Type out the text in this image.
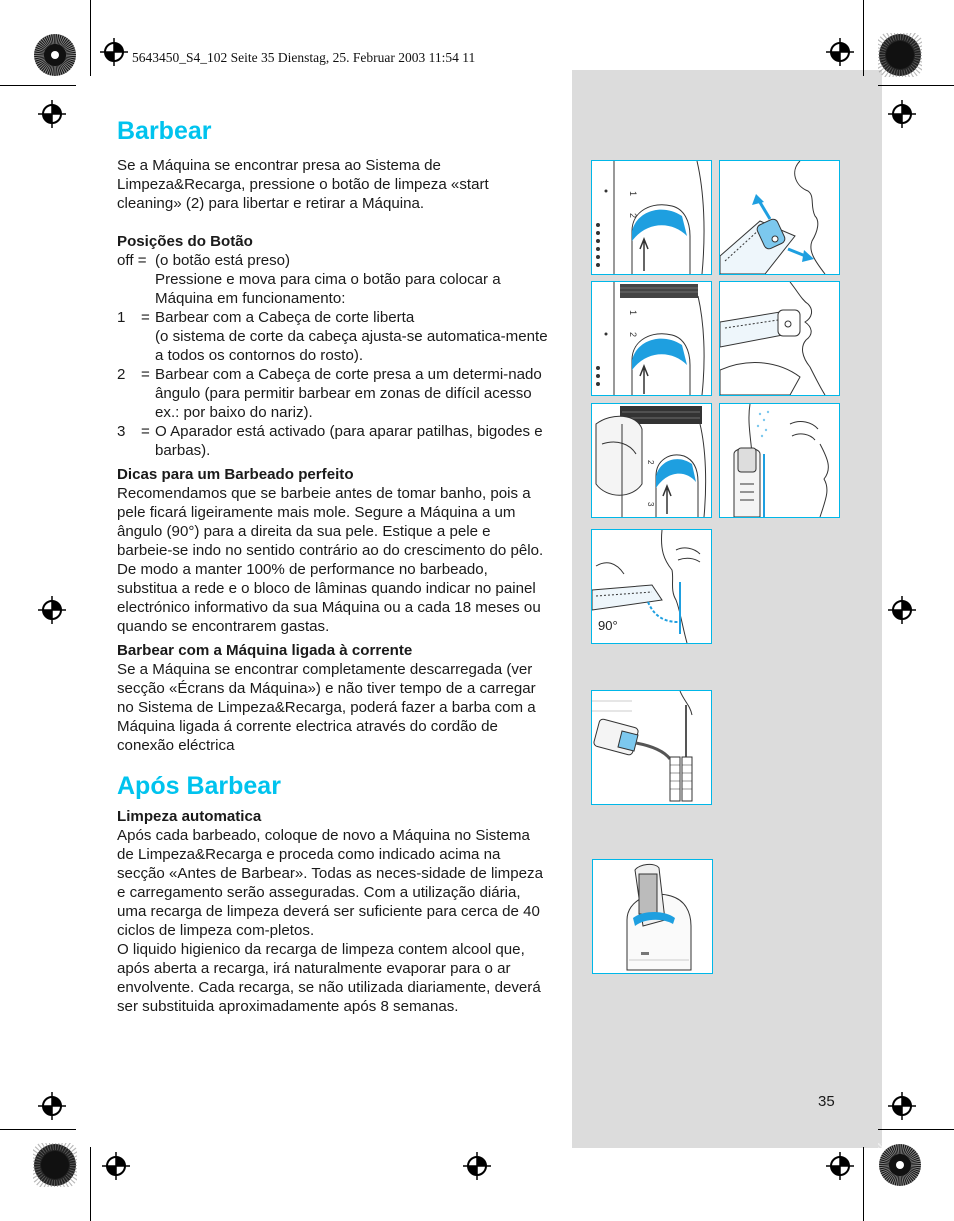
5643450_S4_102 Seite 35 Dienstag, 25. Februar 2003 11:54 11
Barbear

Se a Máquina se encontrar presa ao Sistema de Limpeza&Recarga, pressione o botão de limpeza «start cleaning» (2) para libertar e retirar a Máquina.

Posições do Botão

off = (o botão está preso)
Pressione e mova para cima o botão para colocar a Máquina em funcionamento:
1	= Barbear com a Cabeça de corte liberta
(o sistema de corte da cabeça ajusta-se automatica-mente a todos os contornos do rosto).
2	= Barbear com a Cabeça de corte presa a um determi-nado ângulo (para permitir barbear em zonas de difícil acesso ex.: por baixo do nariz).
3	= O Aparador está activado (para aparar patilhas, bigodes e barbas).

Dicas para um Barbeado perfeito

Recomendamos que se barbeie antes de tomar banho, pois a pele ficará ligeiramente mais mole. Segure a Máquina a um ângulo (90°) para a direita da sua pele. Estique a pele e barbeie-se indo no sentido contrário ao do crescimento do pêlo. De modo a manter 100% de performance no barbeado, substitua a rede e o bloco de lâminas quando indicar no painel electrónico informativo da sua Máquina ou a cada 18 meses ou quando se encontrarem gastas.

Barbear com a Máquina ligada à corrente

Se a Máquina se encontrar completamente descarregada (ver secção «Écrans da Máquina») e não tiver tempo de a carregar no Sistema de Limpeza&Recarga, poderá fazer a barba com a Máquina ligada á corrente electrica através do cordão de conexão eléctrica

Após Barbear

Limpeza automatica

Após cada barbeado, coloque de novo a Máquina no Sistema de Limpeza&Recarga e proceda como indicado acima na secção «Antes de Barbear». Todas as neces-sidade de limpeza e carregamento serão asseguradas. Com a utilização diária, uma recarga de limpeza deverá ser suficiente para cerca de 40 ciclos de limpeza com-pletos.

O liquido higienico da recarga de limpeza contem alcool que, após aberta a recarga, irá naturalmente evaporar para o ar envolvente. Cada recarga, se não utilizada diariamente, deverá ser substituida aproximadamente após 8 semanas.

35
1
2
1
2
2
3
90°
